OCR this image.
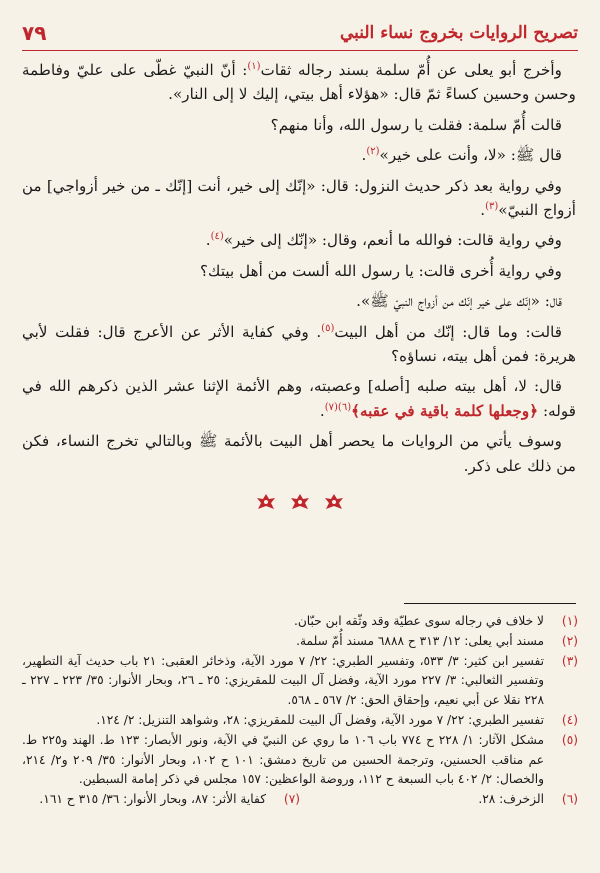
٧٩	تصريح الروايات بخروج نساء النبي

وأخرج أبو يعلى عن أُمّ سلمة بسند رجاله ثقات$^{(١)}$: أنّ النبيّ غطّى على عليّ وفاطمة وحسن وحسين كساءً ثمّ قال: «هؤلاء أهل بيتي، إليك لا إلى النار».

قالت أُمّ سلمة: فقلت يا رسول الله، وأنا منهم؟

قال ﷺ: «لا، وأنت على خير»$^{(٢)}$.

وفي رواية بعد ذكر حديث النزول: قال: «إنّك إلى خير، أنت [إنّك ـ من خير أزواجي] من أزواج النبيّ»$^{(٣)}$.

وفي رواية قالت: فوالله ما أنعم، وقال: «إنّك إلى خير»$^{(٤)}$.

وفي رواية أُخرى قالت: يا رسول الله ألست من أهل بيتك؟

قال: «إنّك على خير إنّك من أزواج النبيّ ﷺ».

قالت: وما قال: إنّك من أهل البيت$^{(٥)}$. وفي كفاية الأثر عن الأعرج قال: فقلت لأبي هريرة: فمن أهل بيته، نساؤه؟

قال: لا، أهل بيته صلبه [أصله] وعصبته، وهم الأئمة الإثنا عشر الذين ذكرهم الله في قوله: ﴿وجعلها كلمة باقية في عقبه﴾$^{(٦)(٧)}$.

وسوف يأتي من الروايات ما يحصر أهل البيت بالأئمة ﷺ وبالتالي تخرج النساء، فكن من ذلك على ذكر.

(١)
لا خلاف في رجاله سوى عطيّة وقد وثّقه ابن حبّان.
(٢)
مسند أبي يعلى: ١٢/ ٣١٣ ح ٦٨٨٨ مسند أُمّ سلمة.
(٣)
تفسير ابن كثير: ٣/ ٥٣٣، وتفسير الطبري: ٢٢/ ٧ مورد الآية، وذخائر العقبى: ٢١ باب حديث آية التطهير، وتفسير الثعالبي: ٣/ ٢٢٧ مورد الآية، وفضل آل البيت للمقريزي: ٢٥ ـ ٢٦، وبحار الأنوار: ٣٥/ ٢٢٣ ـ ٢٢٧ ـ ٢٢٨ نقلا عن أبي نعيم، وإحقاق الحق: ٢/ ٥٦٧ ـ ٥٦٨.
(٤)
تفسير الطبري: ٢٢/ ٧ مورد الآية، وفضل آل البيت للمقريزي: ٢٨، وشواهد التنزيل: ٢/ ١٢٤.
(٥)
مشكل الآثار: ١/ ٢٢٨ ح ٧٧٤ باب ١٠٦ ما روي عن النبيّ في الآية، ونور الأبصار: ١٢٣ ط. الهند و٢٢٥ ط. عم مناقب الحسنين، وترجمة الحسين من تاريخ دمشق: ١٠١ ح ١٠٢، وبحار الأنوار: ٣٥/ ٢٠٩ و٢/ ٢١٤، والخصال: ٢/ ٤٠٢ باب السبعة ح ١١٢، وروضة الواعظين: ١٥٧ مجلس في ذكر إمامة السبطين.
(٦)
الزخرف: ٢٨.
(٧)
كفاية الأثر: ٨٧، وبحار الأنوار: ٣٦/ ٣١٥ ح ١٦١.
